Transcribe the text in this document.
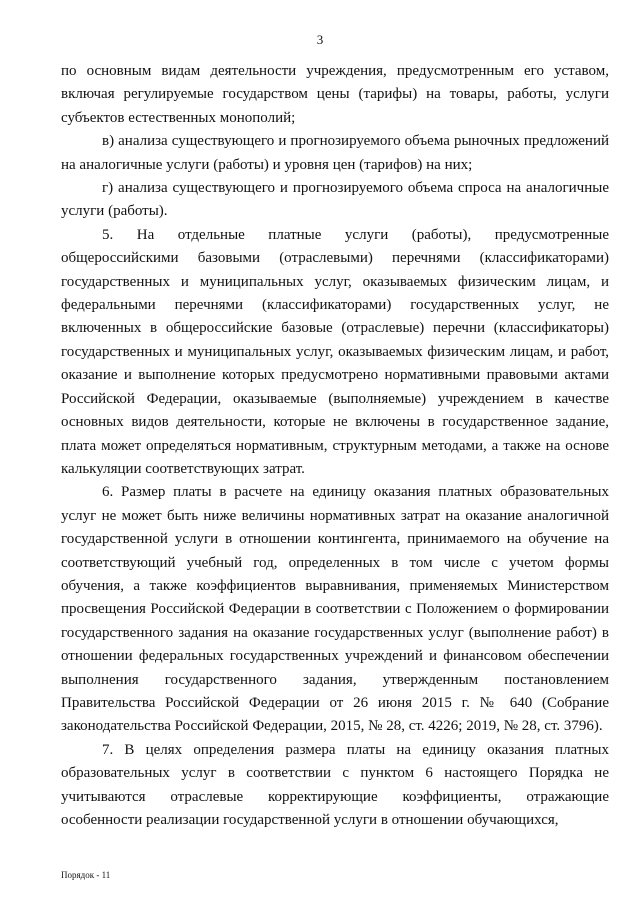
3

по основным видам деятельности учреждения, предусмотренным его уставом, включая регулируемые государством цены (тарифы) на товары, работы, услуги субъектов естественных монополий;

в) анализа существующего и прогнозируемого объема рыночных предложений на аналогичные услуги (работы) и уровня цен (тарифов) на них;

г) анализа существующего и прогнозируемого объема спроса на аналогичные услуги (работы).

5. На отдельные платные услуги (работы), предусмотренные общероссийскими базовыми (отраслевыми) перечнями (классификаторами) государственных и муниципальных услуг, оказываемых физическим лицам, и федеральными перечнями (классификаторами) государственных услуг, не включенных в общероссийские базовые (отраслевые) перечни (классификаторы) государственных и муниципальных услуг, оказываемых физическим лицам, и работ, оказание и выполнение которых предусмотрено нормативными правовыми актами Российской Федерации, оказываемые (выполняемые) учреждением в качестве основных видов деятельности, которые не включены в государственное задание, плата может определяться нормативным, структурным методами, а также на основе калькуляции соответствующих затрат.

6. Размер платы в расчете на единицу оказания платных образовательных услуг не может быть ниже величины нормативных затрат на оказание аналогичной государственной услуги в отношении контингента, принимаемого на обучение на соответствующий учебный год, определенных в том числе с учетом формы обучения, а также коэффициентов выравнивания, применяемых Министерством просвещения Российской Федерации в соответствии с Положением о формировании государственного задания на оказание государственных услуг (выполнение работ) в отношении федеральных государственных учреждений и финансовом обеспечении выполнения государственного задания, утвержденным постановлением Правительства Российской Федерации от 26 июня 2015 г. № 640 (Собрание законодательства Российской Федерации, 2015, № 28, ст. 4226; 2019, № 28, ст. 3796).

7. В целях определения размера платы на единицу оказания платных образовательных услуг в соответствии с пунктом 6 настоящего Порядка не учитываются отраслевые корректирующие коэффициенты, отражающие особенности реализации государственной услуги в отношении обучающихся,

Порядок - 11
